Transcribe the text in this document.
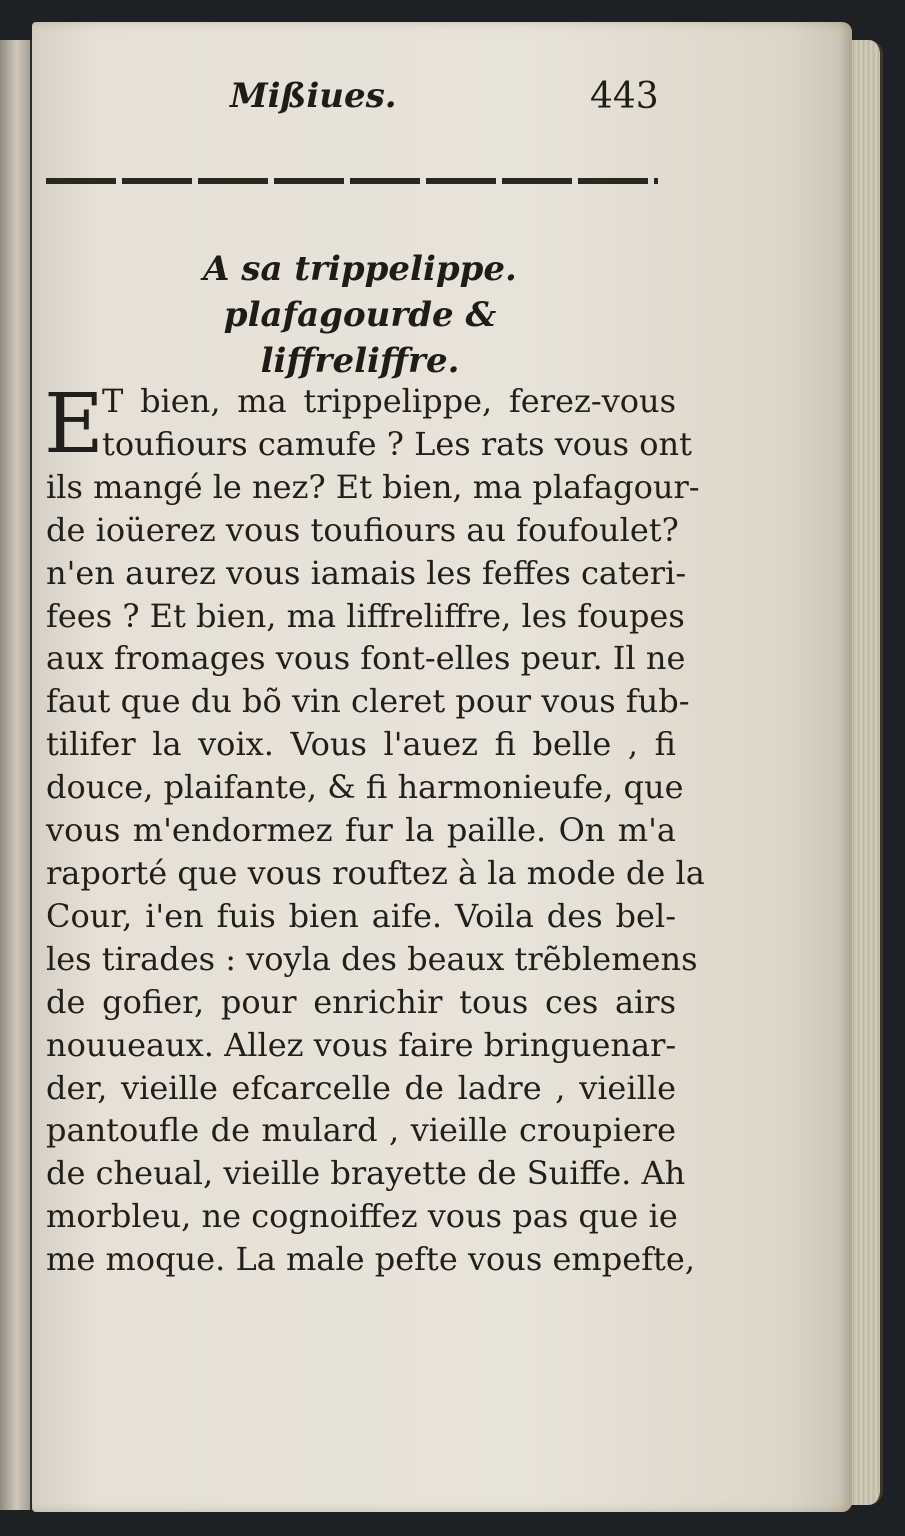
Mißiues.	443
A sa trippelippe. plafagourde &
liffreliffre.
E
T bien, ma trippelippe, ferez-vous
toufiours camufe ? Les rats vous ont
ils mangé le nez? Et bien, ma plafagour-
de ioüerez vous toufiours au foufoulet?
n'en aurez vous iamais les feffes cateri-
fees ? Et bien, ma liffreliffre, les foupes
aux fromages vous font-elles peur. Il ne
faut que du bõ vin cleret pour vous fub-
tilifer la voix. Vous l'auez fi belle , fi
douce, plaifante, & fi harmonieufe, que
vous m'endormez fur la paille. On m'a
raporté que vous rouftez à la mode de la
Cour, i'en fuis bien aife. Voila des bel-
les tirades : voyla des beaux trẽblemens
de gofier, pour enrichir tous ces airs
nouueaux. Allez vous faire bringuenar-
der, vieille efcarcelle de ladre , vieille
pantoufle de mulard , vieille croupiere
de cheual, vieille brayette de Suiffe. Ah
morbleu, ne cognoiffez vous pas que ie
me moque. La male pefte vous empefte,
